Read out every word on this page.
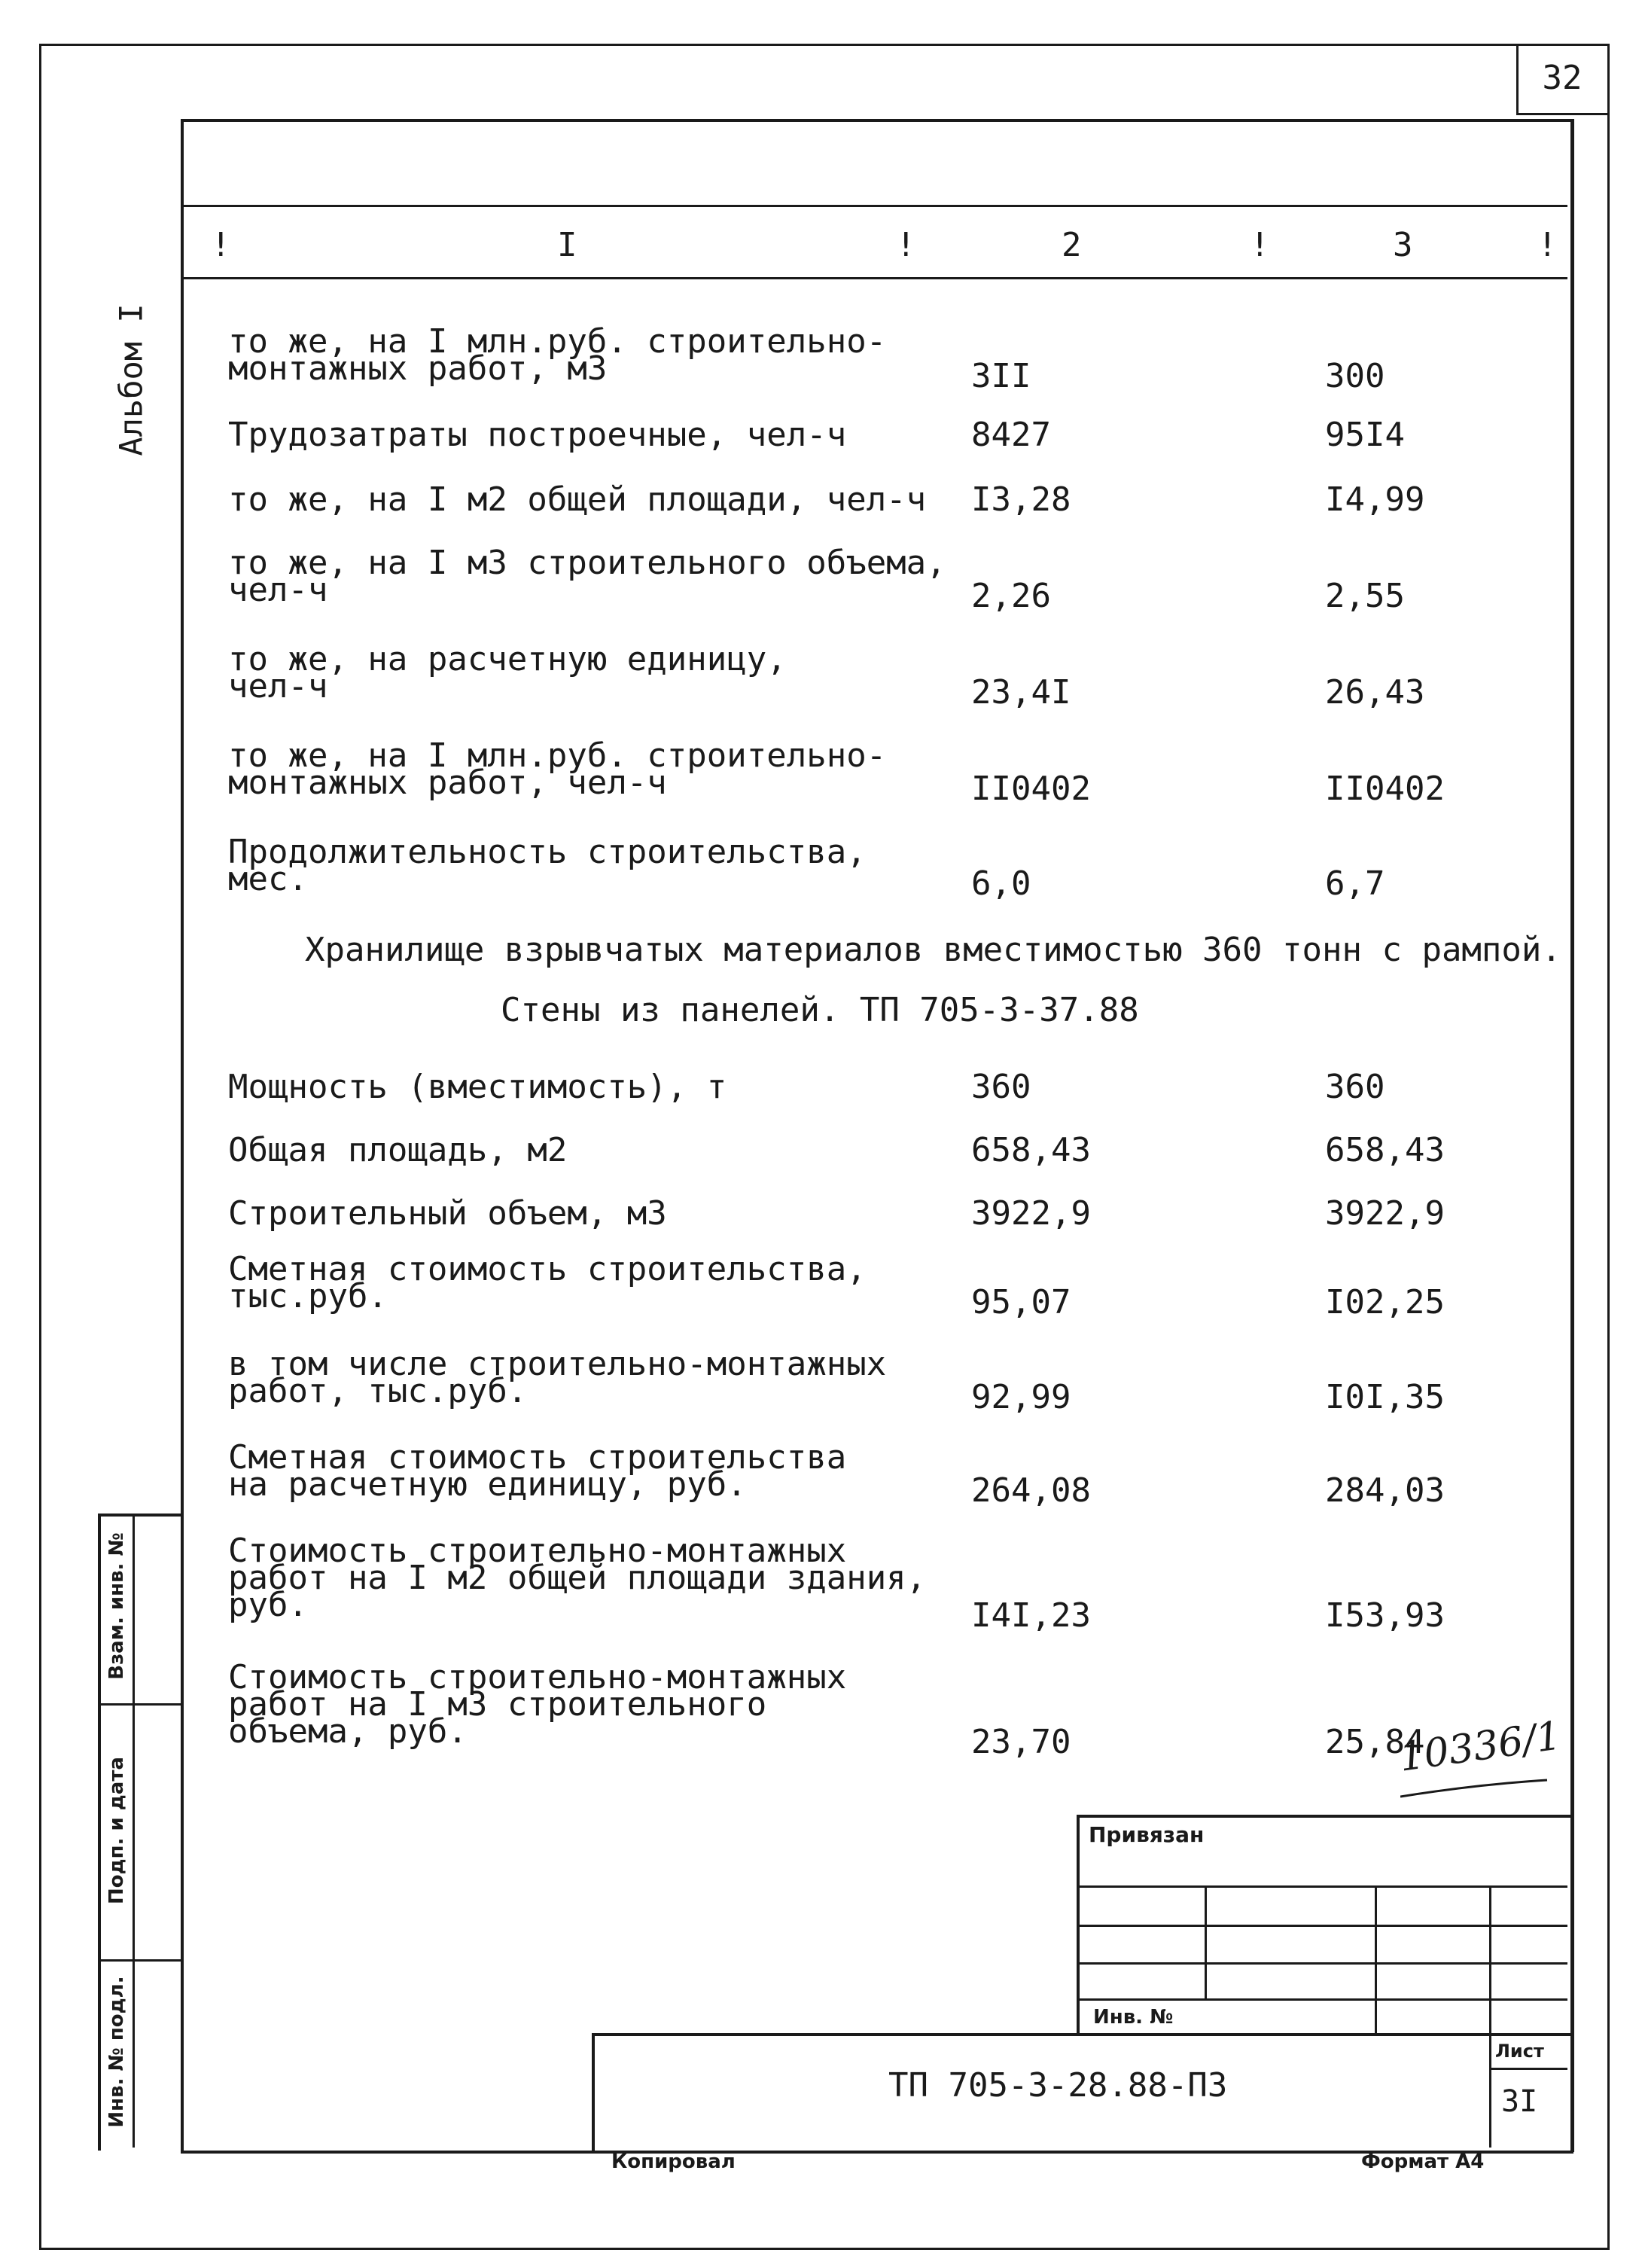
32
!	I	!	2	!	3	!
Альбом I то же, на I млн.руб. строительно-
монтажных работ, м3	3II	300
Трудозатраты построечные, чел-ч	8427	95I4
то же, на I м2 общей площади, чел-ч	I3,28	I4,99
то же, на I м3 строительного объема,
чел-ч	2,26	2,55
то же, на расчетную единицу,
чел-ч	23,4I	26,43
то же, на I млн.руб. строительно-
монтажных работ, чел-ч	II0402	II0402
Продолжительность строительства,
мес.	6,0	6,7
Хранилище взрывчатых материалов вместимостью 360 тонн с рампой.
Стены из панелей. ТП 705-3-37.88
Мощность (вместимость), т	360	360
Общая площадь, м2	658,43	658,43
Строительный объем, м3	3922,9	3922,9
Сметная стоимость строительства,
тыс.руб.	95,07	I02,25
в том числе строительно-монтажных
работ, тыс.руб.	92,99	I0I,35
Сметная стоимость строительства
на расчетную единицу, руб.	264,08	284,03
Стоимость строительно-монтажных
работ на I м2 общей площади здания,
руб.	I4I,23	I53,93
Стоимость строительно-монтажных
работ на I м3 строительного
объема, руб.	23,70	25,84
10336/1
Привязан
Инв. №
Лист
3I
ТП 705-3-28.88-ПЗ
Взам. инв. №
Подп. и дата
Инв. № подл.
Копировал	Формат А4
